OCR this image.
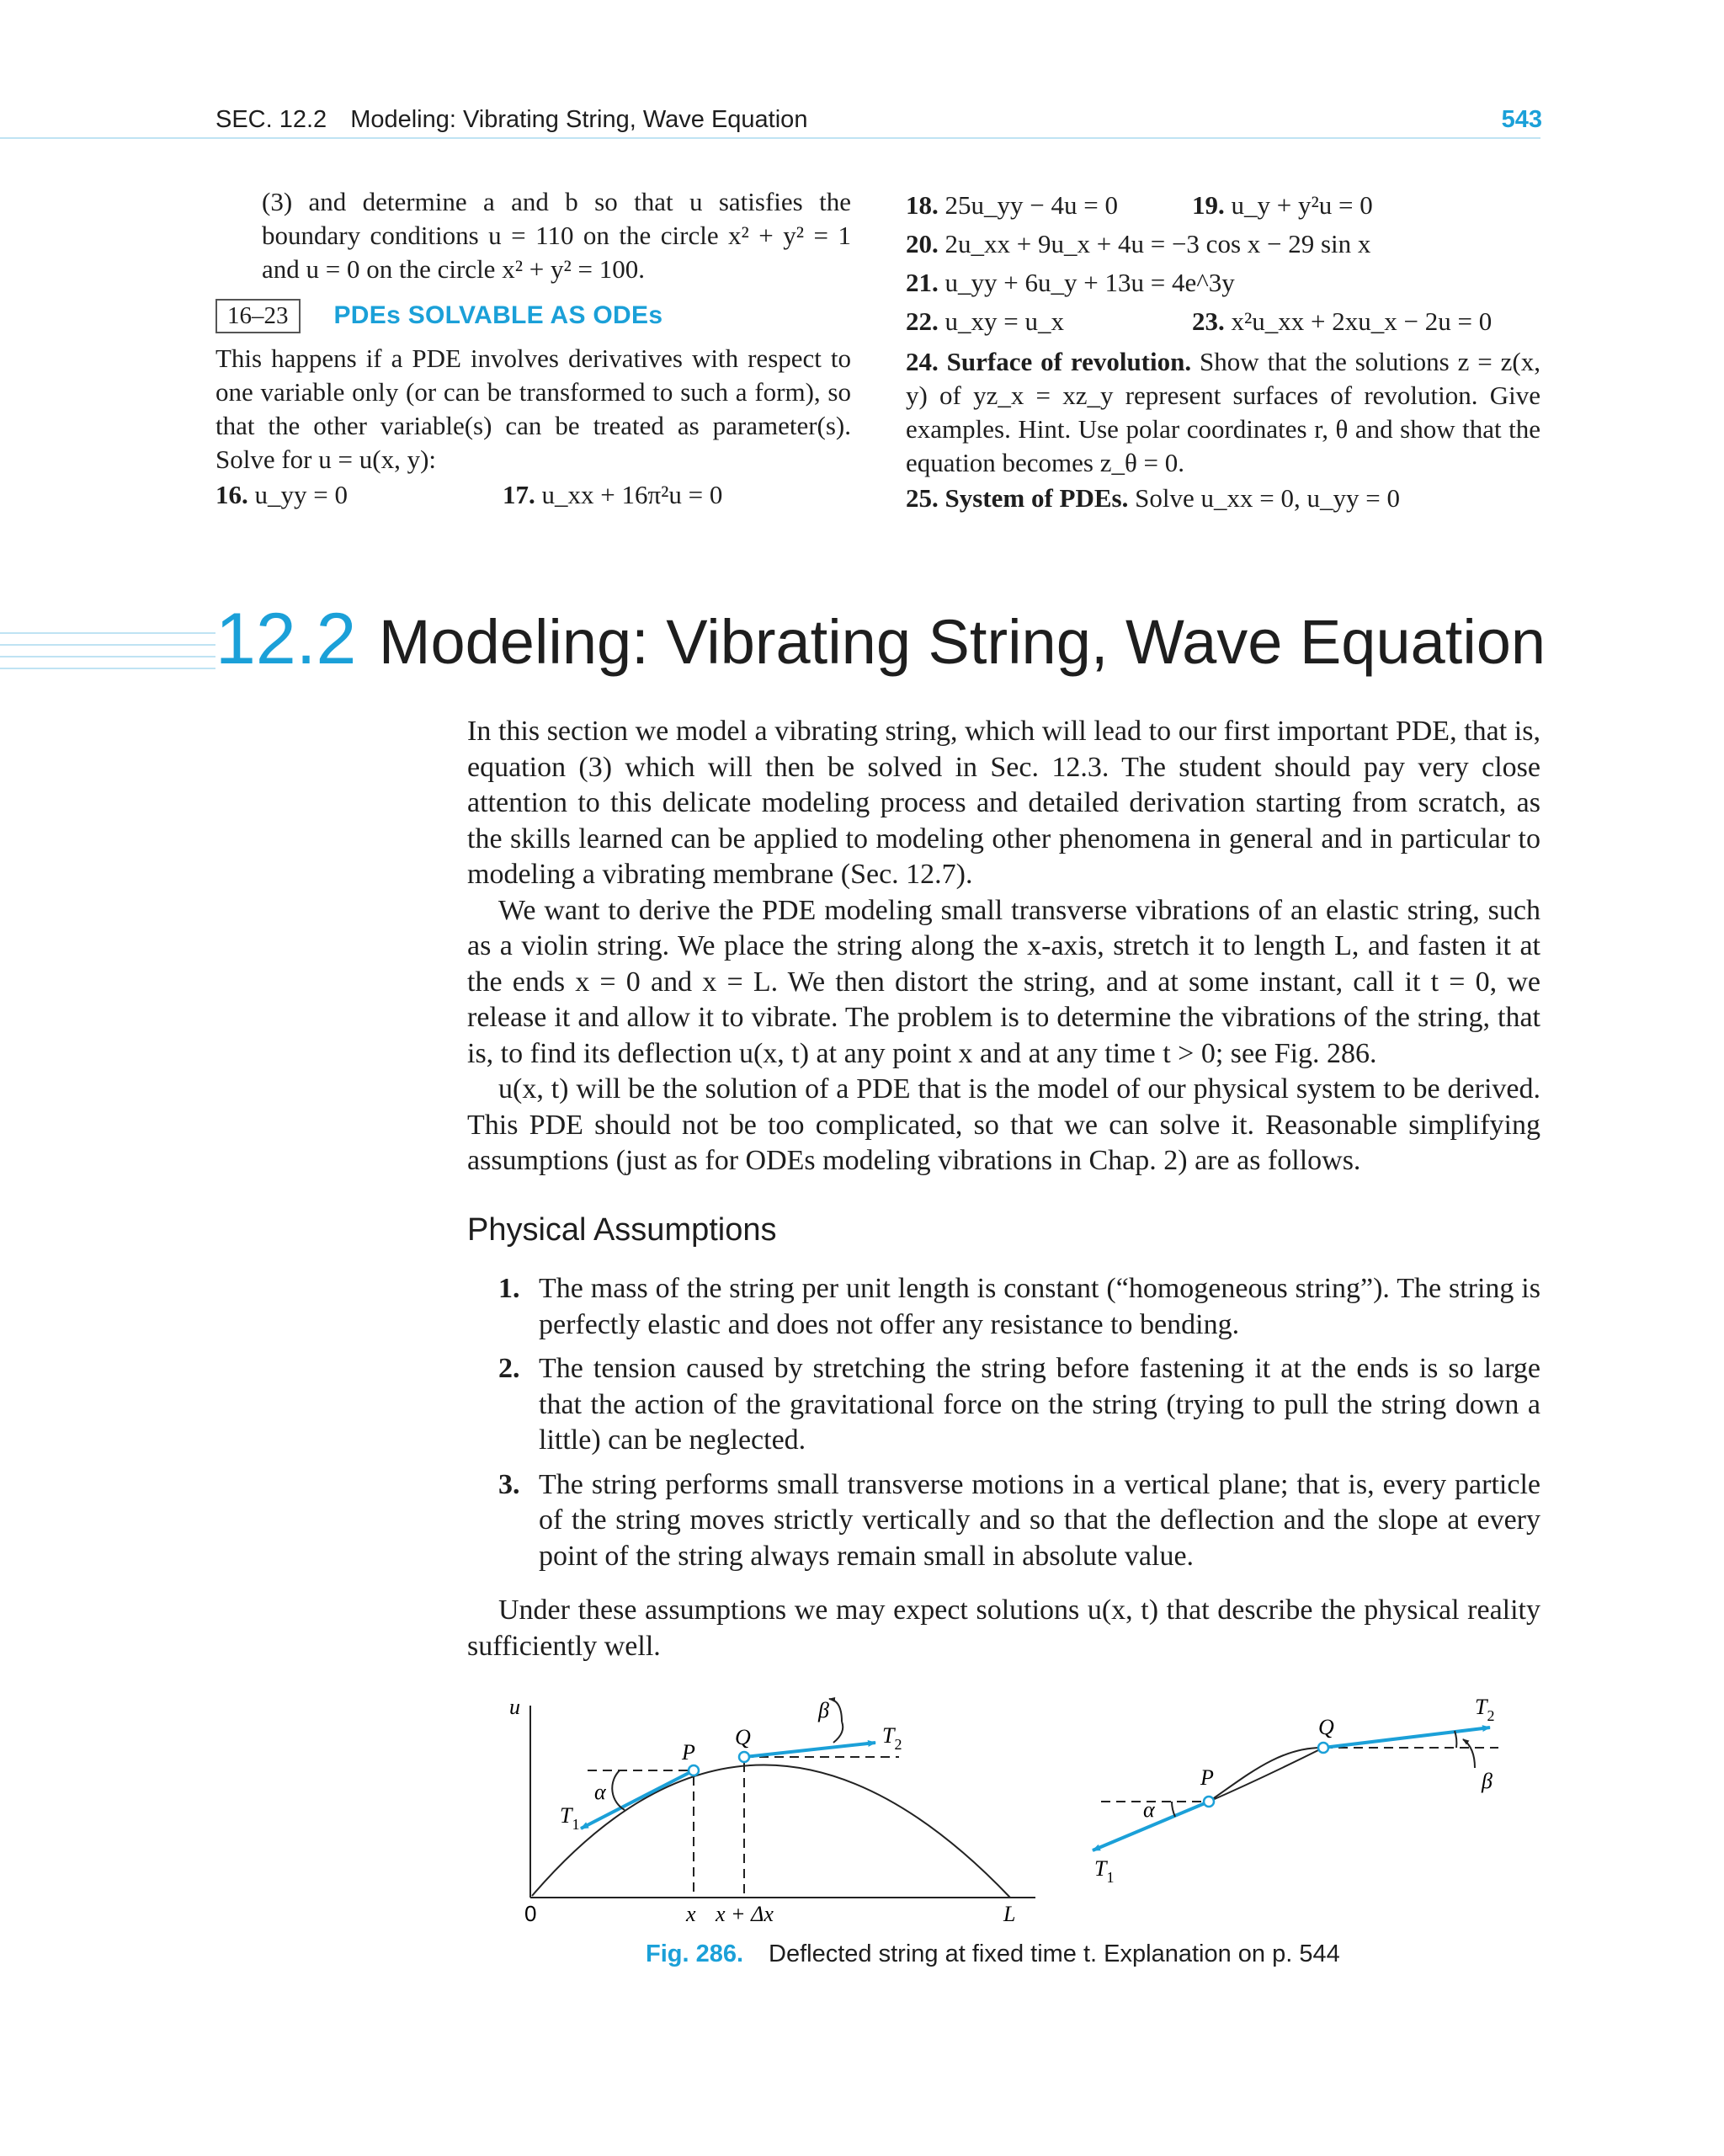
SEC. 12.2 Modeling: Vibrating String, Wave Equation	543
(3) and determine a and b so that u satisfies the boundary conditions u = 110 on the circle x² + y² = 1 and u = 0 on the circle x² + y² = 100.
16–23 PDEs SOLVABLE AS ODEs
This happens if a PDE involves derivatives with respect to one variable only (or can be transformed to such a form), so that the other variable(s) can be treated as parameter(s). Solve for u = u(x, y):
16. u_yy = 0	17. u_xx + 16π²u = 0
18. 25u_yy − 4u = 0	19. u_y + y²u = 0
20. 2u_xx + 9u_x + 4u = −3 cos x − 29 sin x
21. u_yy + 6u_y + 13u = 4e^3y
22. u_xy = u_x	23. x²u_xx + 2xu_x − 2u = 0
24. Surface of revolution. Show that the solutions z = z(x, y) of yz_x = xz_y represent surfaces of revolution. Give examples. Hint. Use polar coordinates r, θ and show that the equation becomes z_θ = 0.
25. System of PDEs. Solve u_xx = 0, u_yy = 0
12.2 Modeling: Vibrating String, Wave Equation

In this section we model a vibrating string, which will lead to our first important PDE, that is, equation (3) which will then be solved in Sec. 12.3. The student should pay very close attention to this delicate modeling process and detailed derivation starting from scratch, as the skills learned can be applied to modeling other phenomena in general and in particular to modeling a vibrating membrane (Sec. 12.7).

We want to derive the PDE modeling small transverse vibrations of an elastic string, such as a violin string. We place the string along the x-axis, stretch it to length L, and fasten it at the ends x = 0 and x = L. We then distort the string, and at some instant, call it t = 0, we release it and allow it to vibrate. The problem is to determine the vibrations of the string, that is, to find its deflection u(x, t) at any point x and at any time t > 0; see Fig. 286.

u(x, t) will be the solution of a PDE that is the model of our physical system to be derived. This PDE should not be too complicated, so that we can solve it. Reasonable simplifying assumptions (just as for ODEs modeling vibrations in Chap. 2) are as follows.

Physical Assumptions
1. The mass of the string per unit length is constant (“homogeneous string”). The string is perfectly elastic and does not offer any resistance to bending.
2. The tension caused by stretching the string before fastening it at the ends is so large that the action of the gravitational force on the string (trying to pull the string down a little) can be neglected.
3. The string performs small transverse motions in a vertical plane; that is, every particle of the string moves strictly vertically and so that the deflection and the slope at every point of the string always remain small in absolute value.

Under these assumptions we may expect solutions u(x, t) that describe the physical reality sufficiently well.

u
0	x x + Δx	L
P
Q
α
β
$T_1$
$T_2$
P
Q
α
β
$T_1$
$T_2$
Fig. 286. Deflected string at fixed time t. Explanation on p. 544
